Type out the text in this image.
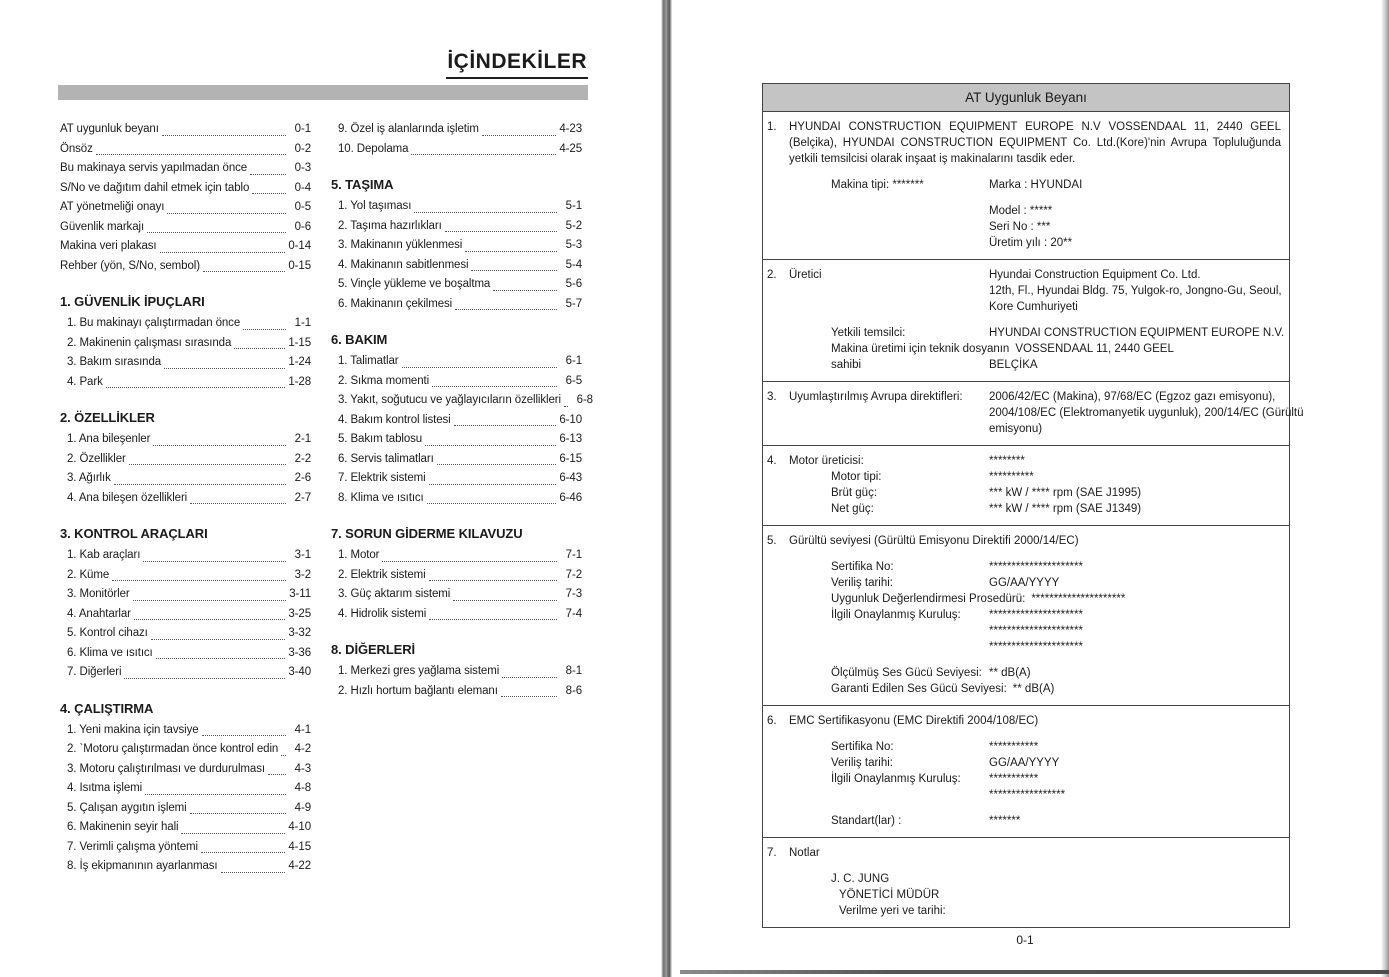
İÇİNDEKİLER
AT uygunluk beyanı	0-1
Önsöz	0-2
Bu makinaya servis yapılmadan önce	0-3
S/No ve dağıtım dahil etmek için tablo	0-4
AT yönetmeliği onayı	0-5
Güvenlik markajı	0-6
Makina veri plakası	0-14
Rehber (yön, S/No, sembol)	0-15
1. GÜVENLİK İPUÇLARI
1. Bu makinayı çalıştırmadan önce	1-1
2. Makinenin çalışması sırasında	1-15
3. Bakım sırasında	1-24
4. Park	1-28
2. ÖZELLİKLER
1. Ana bileşenler	2-1
2. Özellikler	2-2
3. Ağırlık	2-6
4. Ana bileşen özellikleri	2-7
3. KONTROL ARAÇLARI
1. Kab araçları	3-1
2. Küme	3-2
3. Monitörler	3-11
4. Anahtarlar	3-25
5. Kontrol cihazı	3-32
6. Klima ve ısıtıcı	3-36
7. Diğerleri	3-40
4. ÇALIŞTIRMA
1. Yeni makina için tavsiye	4-1
2. `Motoru çalıştırmadan önce kontrol edin	4-2
3. Motoru çalıştırılması ve durdurulması	4-3
4. Isıtma işlemi	4-8
5. Çalışan aygıtın işlemi	4-9
6. Makinenin seyir hali	4-10
7. Verimli çalışma yöntemi	4-15
8. İş ekipmanının ayarlanması	4-22
9. Özel iş alanlarında işletim	4-23
10. Depolama	4-25
5. TAŞIMA
1. Yol taşıması	5-1
2. Taşıma hazırlıkları	5-2
3. Makinanın yüklenmesi	5-3
4. Makinanın sabitlenmesi	5-4
5. Vinçle yükleme ve boşaltma	5-6
6. Makinanın çekilmesi	5-7
6. BAKIM
1. Talimatlar	6-1
2. Sıkma momenti	6-5
3. Yakıt, soğutucu ve yağlayıcıların özellikleri	6-8
4. Bakım kontrol listesi	6-10
5. Bakım tablosu	6-13
6. Servis talimatları	6-15
7. Elektrik sistemi	6-43
8. Klima ve ısıtıcı	6-46
7. SORUN GİDERME KILAVUZU
1. Motor	7-1
2. Elektrik sistemi	7-2
3. Güç aktarım sistemi	7-3
4. Hidrolik sistemi	7-4
8. DİĞERLERİ
1. Merkezi gres yağlama sistemi	8-1
2. Hızlı hortum bağlantı elemanı	8-6
AT Uygunluk Beyanı
1.	HYUNDAI CONSTRUCTION EQUIPMENT EUROPE N.V VOSSENDAAL 11, 2440 GEEL (Belçika), HYUNDAI CONSTRUCTION EQUIPMENT Co. Ltd.(Kore)'nin Avrupa Topluluğunda yetkili temsilcisi olarak inşaat iş makinalarını tasdik eder.
Makina tipi: *******	Marka : HYUNDAI
Model : *****
Seri No : ***
Üretim yılı : 20**
2.	Üretici	Hyundai Construction Equipment Co. Ltd.
12th, Fl., Hyundai Bldg. 75, Yulgok-ro, Jongno-Gu, Seoul,
Kore Cumhuriyeti
Yetkili temsilci:	HYUNDAI CONSTRUCTION EQUIPMENT EUROPE N.V.
Makina üretimi için teknik dosyanın VOSSENDAAL 11, 2440 GEEL
sahibi	BELÇİKA
3.	Uyumlaştırılmış Avrupa direktifleri:	2006/42/EC (Makina), 97/68/EC (Egzoz gazı emisyonu),
2004/108/EC (Elektromanyetik uygunluk), 200/14/EC (Gürültü
emisyonu)
4.	Motor üreticisi:	********
Motor tipi:	**********
Brüt güç:	*** kW / **** rpm (SAE J1995)
Net güç:	*** kW / **** rpm (SAE J1349)
5.	Gürültü seviyesi (Gürültü Emisyonu Direktifi 2000/14/EC)
Sertifika No:	*********************
Veriliş tarihi:	GG/AA/YYYY
Uygunluk Değerlendirmesi Prosedürü: *********************
İlgili Onaylanmış Kuruluş:	*********************
*********************
*********************
Ölçülmüş Ses Gücü Seviyesi: ** dB(A)
Garanti Edilen Ses Gücü Seviyesi: ** dB(A)
6.	EMC Sertifikasyonu (EMC Direktifi 2004/108/EC)
Sertifika No:	***********
Veriliş tarihi:	GG/AA/YYYY
İlgili Onaylanmış Kuruluş:	***********
*****************
Standart(lar) :	*******
7.	Notlar
J. C. JUNG
YÖNETİCİ MÜDÜR
Verilme yeri ve tarihi:
0-1
